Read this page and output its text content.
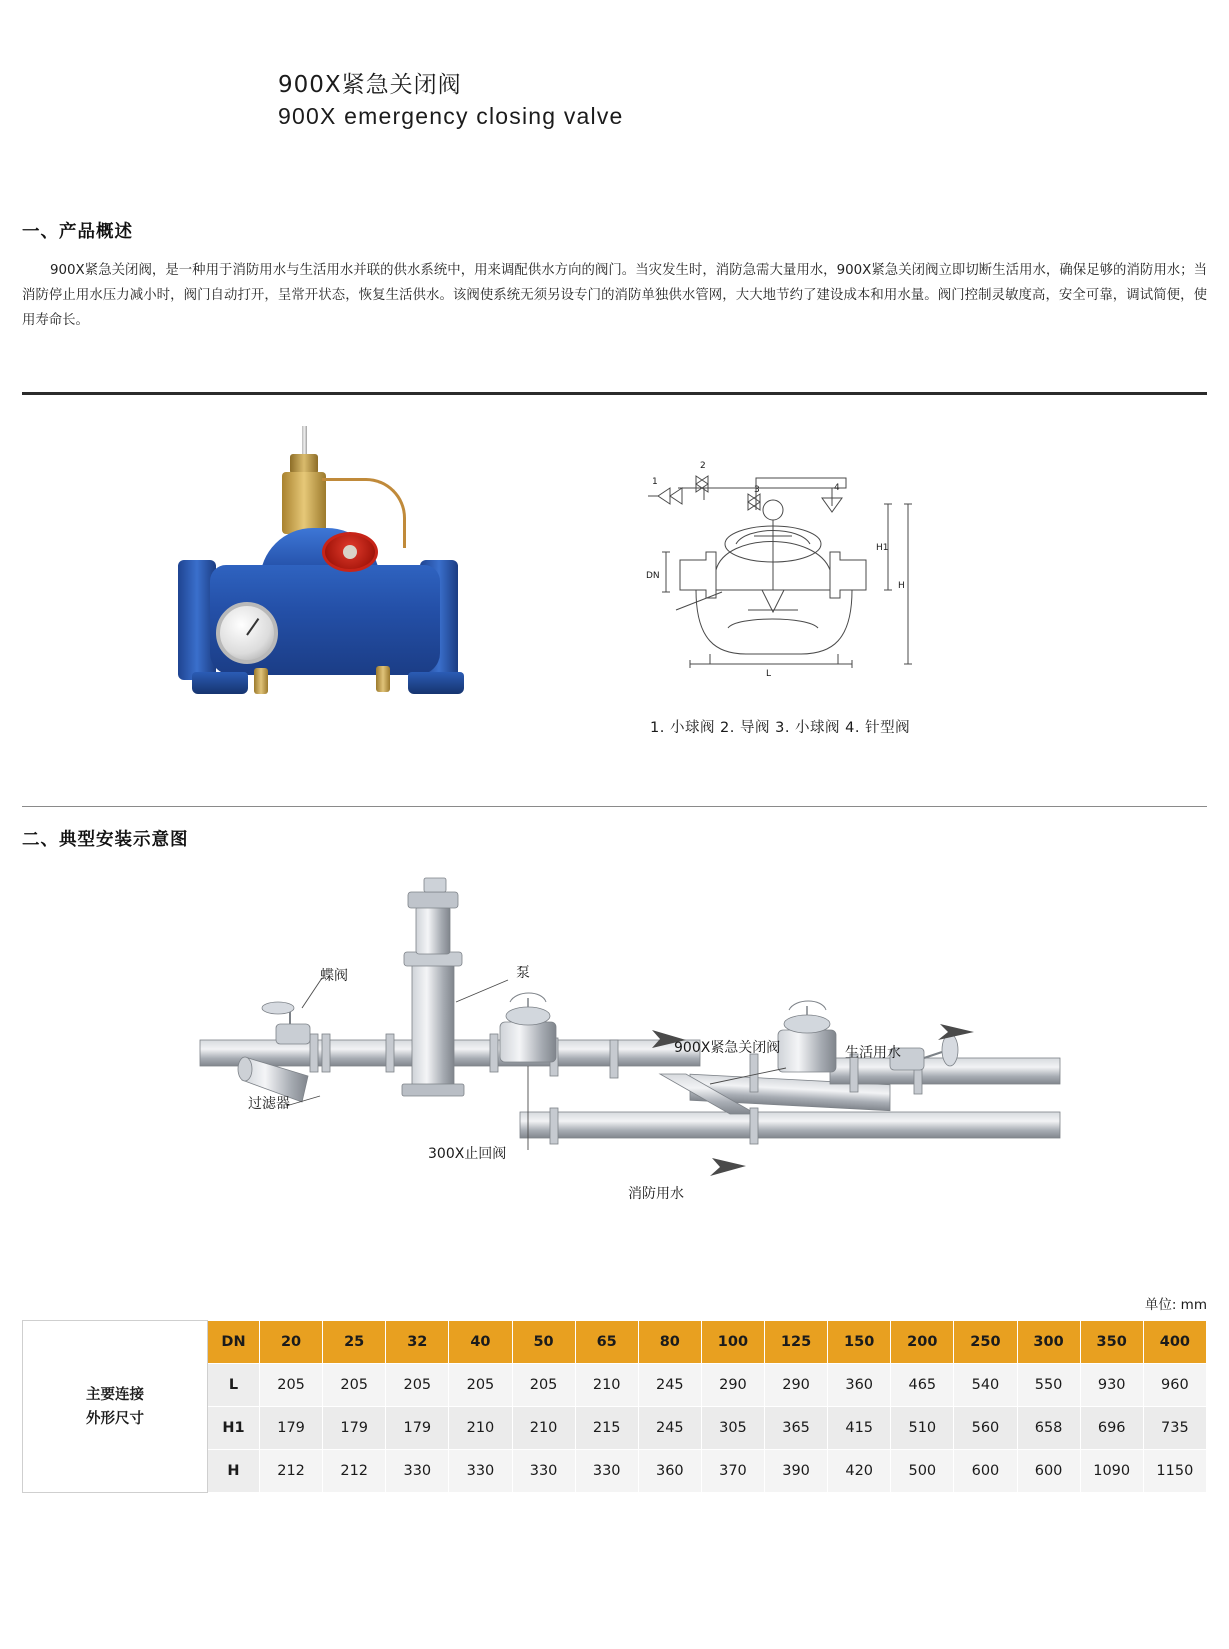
900X紧急关闭阀
900X emergency closing valve
一、产品概述
900X紧急关闭阀，是一种用于消防用水与生活用水并联的供水系统中，用来调配供水方向的阀门。当灾发生时，消防急需大量用水，900X紧急关闭阀立即切断生活用水，确保足够的消防用水；当消防停止用水压力减小时，阀门自动打开，呈常开状态，恢复生活供水。该阀使系统无须另设专门的消防单独供水管网，大大地节约了建设成本和用水量。阀门控制灵敏度高，安全可靠，调试简便，使用寿命长。
1
2
3	4
H1
H
DN
L
1. 小球阀 2. 导阀 3. 小球阀 4. 针型阀
二、典型安装示意图
蝶阀	泵
过滤器
300X止回阀
900X紧急关闭阀	生活用水
消防用水
单位: mm
主要连接
外形尺寸	DN	20	25	32	40	50	65	80	100	125	150	200	250	300	350	400
	L	205	205	205	205	205	210	245	290	290	360	465	540	550	930	960
	H1	179	179	179	210	210	215	245	305	365	415	510	560	658	696	735
	H	212	212	330	330	330	330	360	370	390	420	500	600	600	1090	1150
